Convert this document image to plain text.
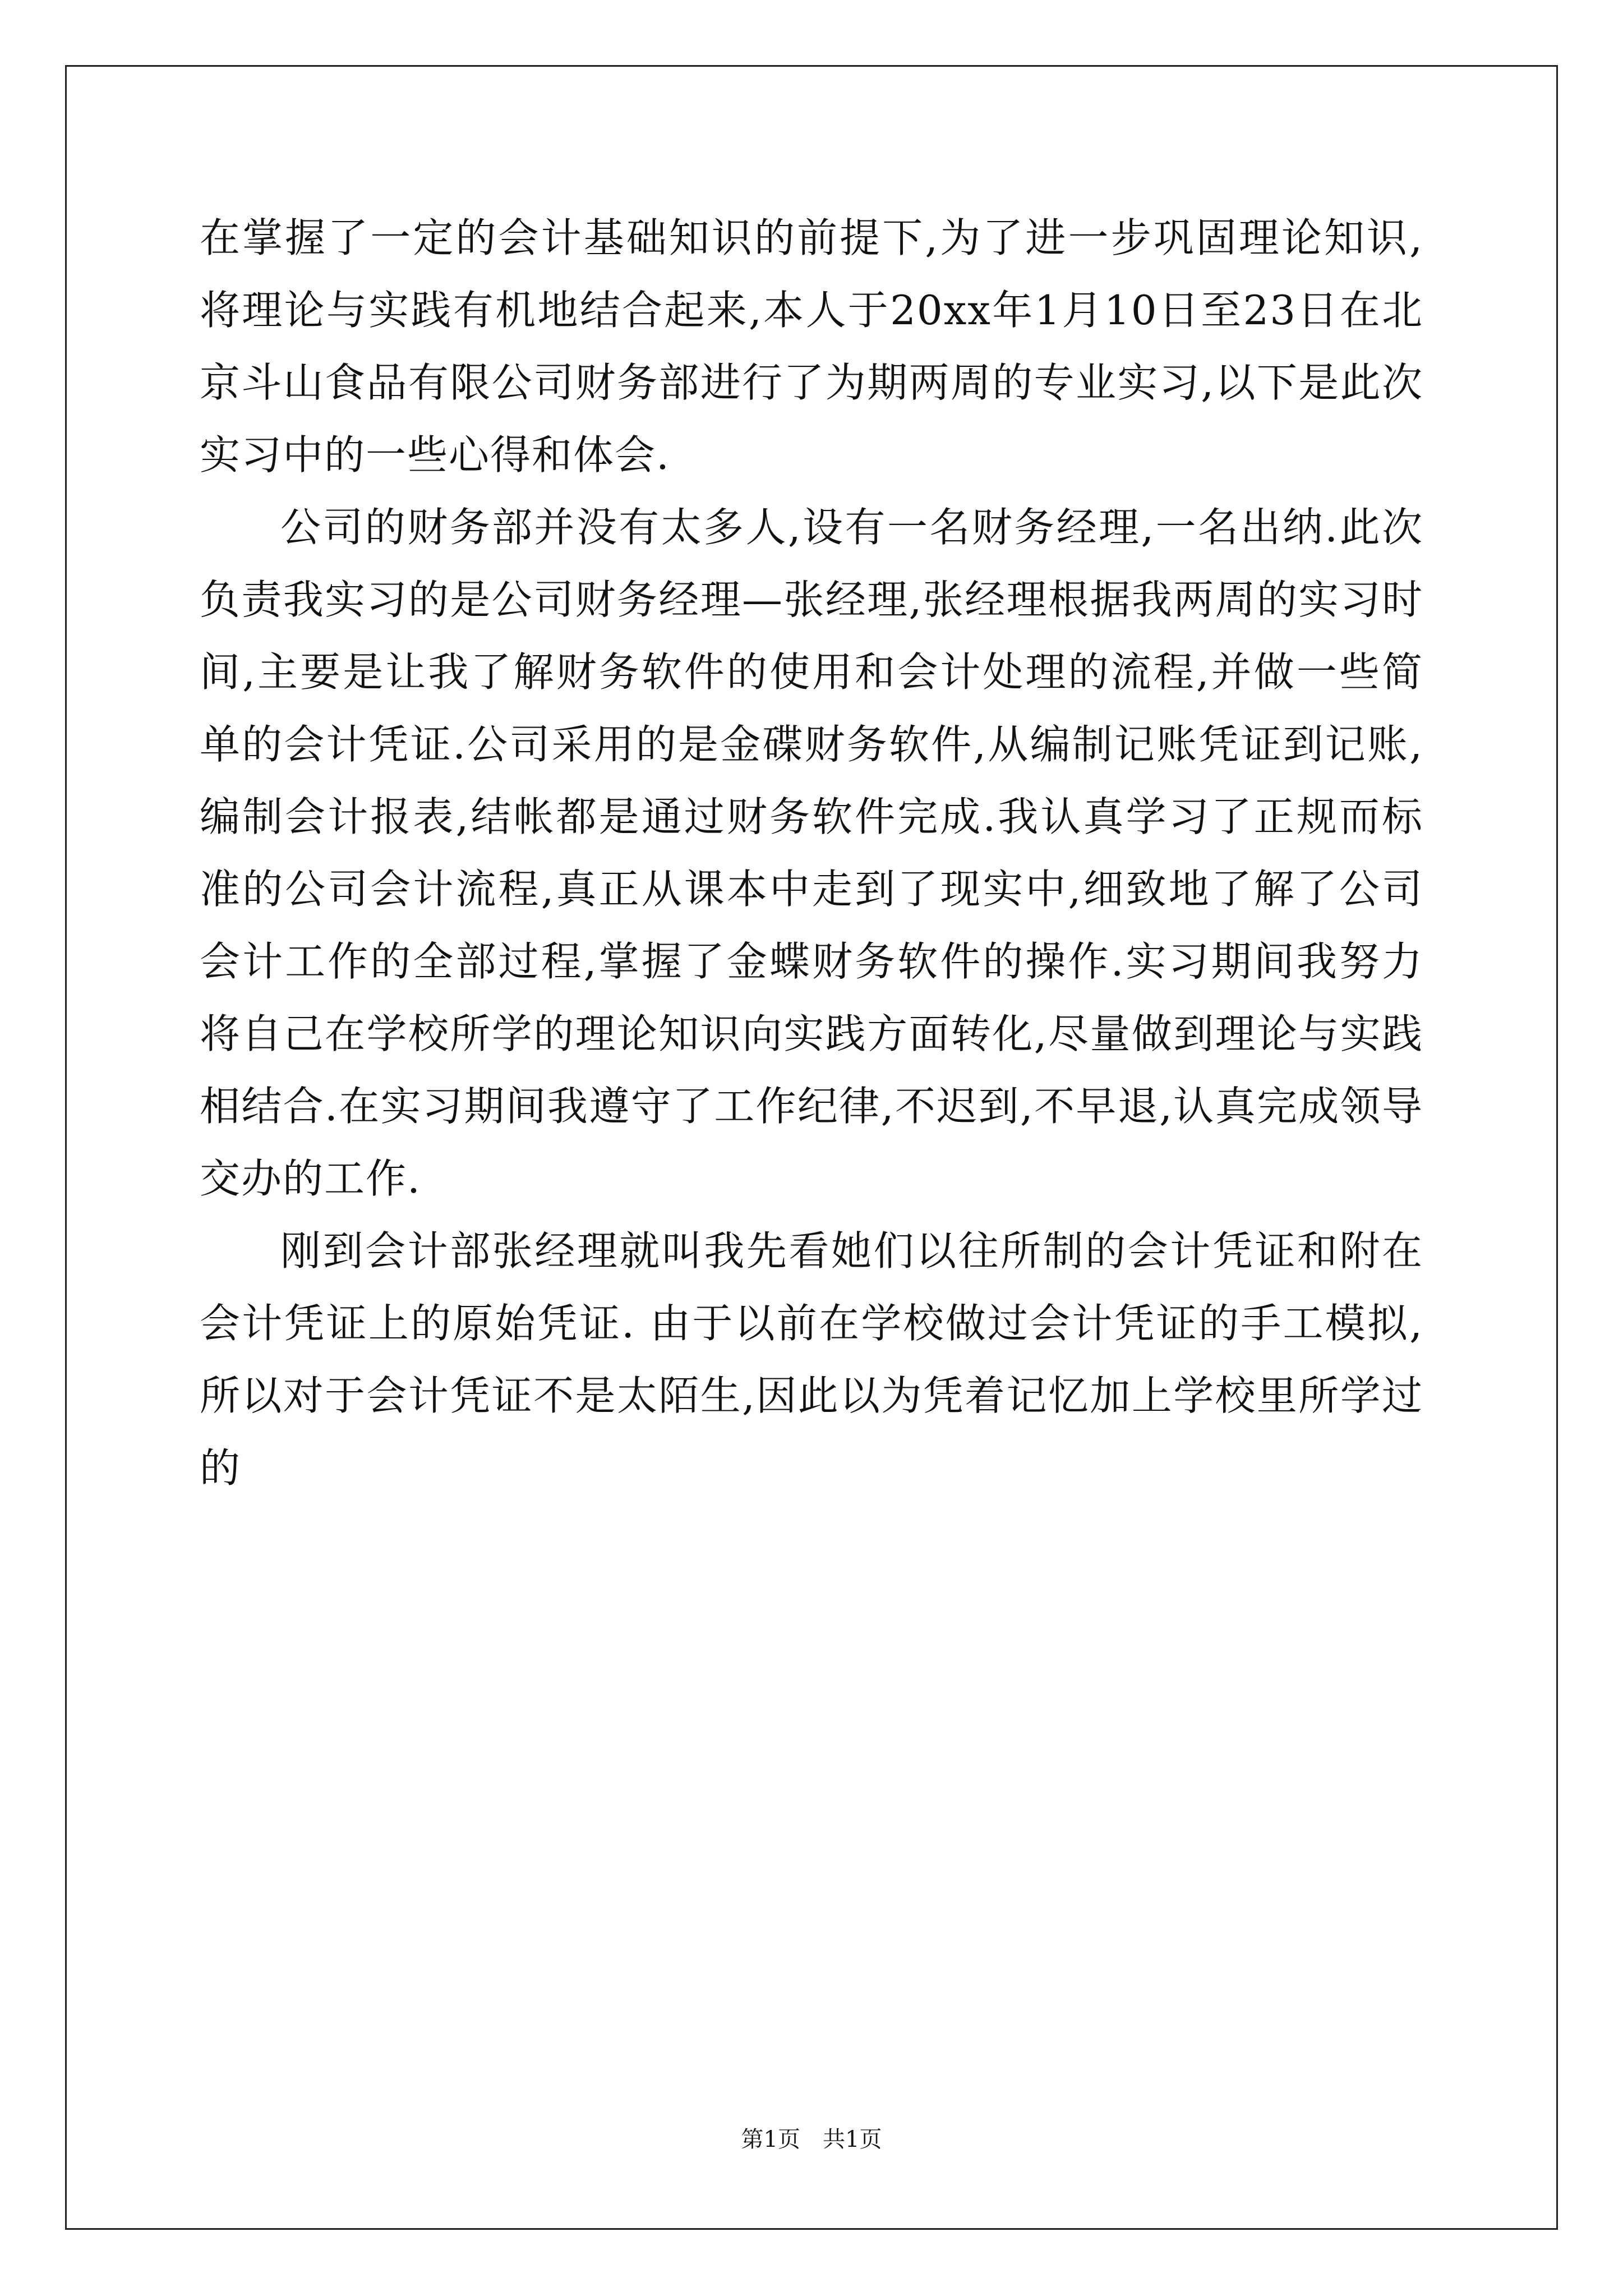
在掌握了一定的会计基础知识的前提下,为了进一步巩固理论知识,将理论与实践有机地结合起来,本人于20xx年1月10日至23日在北京斗山食品有限公司财务部进行了为期两周的专业实习,以下是此次实习中的一些心得和体会.

公司的财务部并没有太多人,设有一名财务经理,一名出纳.此次负责我实习的是公司财务经理—张经理,张经理根据我两周的实习时间,主要是让我了解财务软件的使用和会计处理的流程,并做一些简单的会计凭证.公司采用的是金碟财务软件,从编制记账凭证到记账,编制会计报表,结帐都是通过财务软件完成.我认真学习了正规而标准的公司会计流程,真正从课本中走到了现实中,细致地了解了公司会计工作的全部过程,掌握了金蝶财务软件的操作.实习期间我努力将自己在学校所学的理论知识向实践方面转化,尽量做到理论与实践相结合.在实习期间我遵守了工作纪律,不迟到,不早退,认真完成领导交办的工作.

刚到会计部张经理就叫我先看她们以往所制的会计凭证和附在会计凭证上的原始凭证. 由于以前在学校做过会计凭证的手工模拟,所以对于会计凭证不是太陌生,因此以为凭着记忆加上学校里所学过的

第1页 共1页
